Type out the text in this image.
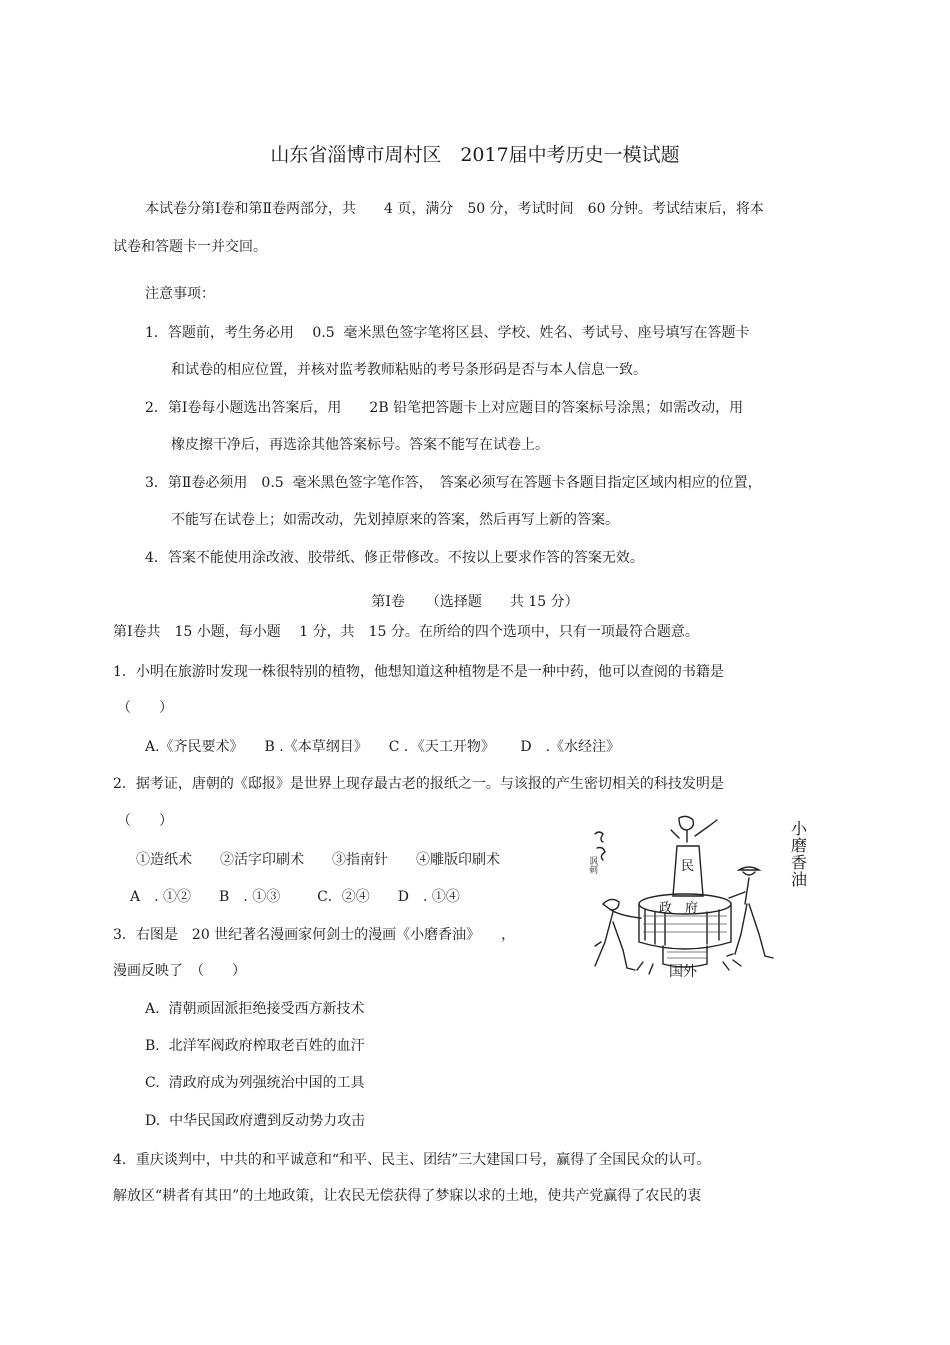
山东省淄博市周村区　2017届中考历史一模试题
本试卷分第Ⅰ卷和第Ⅱ卷两部分，共　　4 页，满分　50 分，考试时间　60 分钟。考试结束后，将本
试卷和答题卡一并交回。
注意事项：
1．答题前，考生务必用　 0.5  毫米黑色签字笔将区县、学校、姓名、考试号、座号填写在答题卡
和试卷的相应位置，并核对监考教师粘贴的考号条形码是否与本人信息一致。
2．第Ⅰ卷每小题选出答案后，用　　2B 铅笔把答题卡上对应题目的答案标号涂黑；如需改动，用
橡皮擦干净后，再选涂其他答案标号。答案不能写在试卷上。
3．第Ⅱ卷必须用　0.5  毫米黑色签字笔作答，　答案必须写在答题卡各题目指定区域内相应的位置，
不能写在试卷上；如需改动，先划掉原来的答案，然后再写上新的答案。
4．答案不能使用涂改液、胶带纸、修正带修改。不按以上要求作答的答案无效。
第Ⅰ卷　　（选择题　　共 15 分）
第Ⅰ卷共　15 小题，每小题　 1 分，共　15 分。在所给的四个选项中，只有一项最符合题意。
1．小明在旅游时发现一株很特别的植物，他想知道这种植物是不是一种中药，他可以查阅的书籍是
（　　）
A.《齐民要术》　　B .《本草纲目》　　C ．《天工开物》　　 D　.《水经注》
2．据考证，唐朝的《邸报》是世界上现存最古老的报纸之一。与该报的产生密切相关的科技发明是
（　　）
①造纸术　　②活字印刷术　　③指南针　　④雕版印刷术
A　. ①②　　B　. ①③　　  C．②④　　D　. ①④
3．右图是　20 世纪著名漫画家何剑士的漫画《小磨香油》　　，
漫画反映了　（　　）
A.  清朝顽固派拒绝接受西方新技术
B.  北洋军阀政府榨取老百姓的血汗
C.  清政府成为列强统治中国的工具
D.  中华民国政府遭到反动势力攻击
4．重庆谈判中，中共的和平诚意和“和平、民主、团结”三大建国口号，赢得了全国民众的认可。
解放区“耕者有其田”的土地政策，让农民无偿获得了梦寐以求的土地，使共产党赢得了农民的衷
民
政　府
国外
讽刺	小磨香油
